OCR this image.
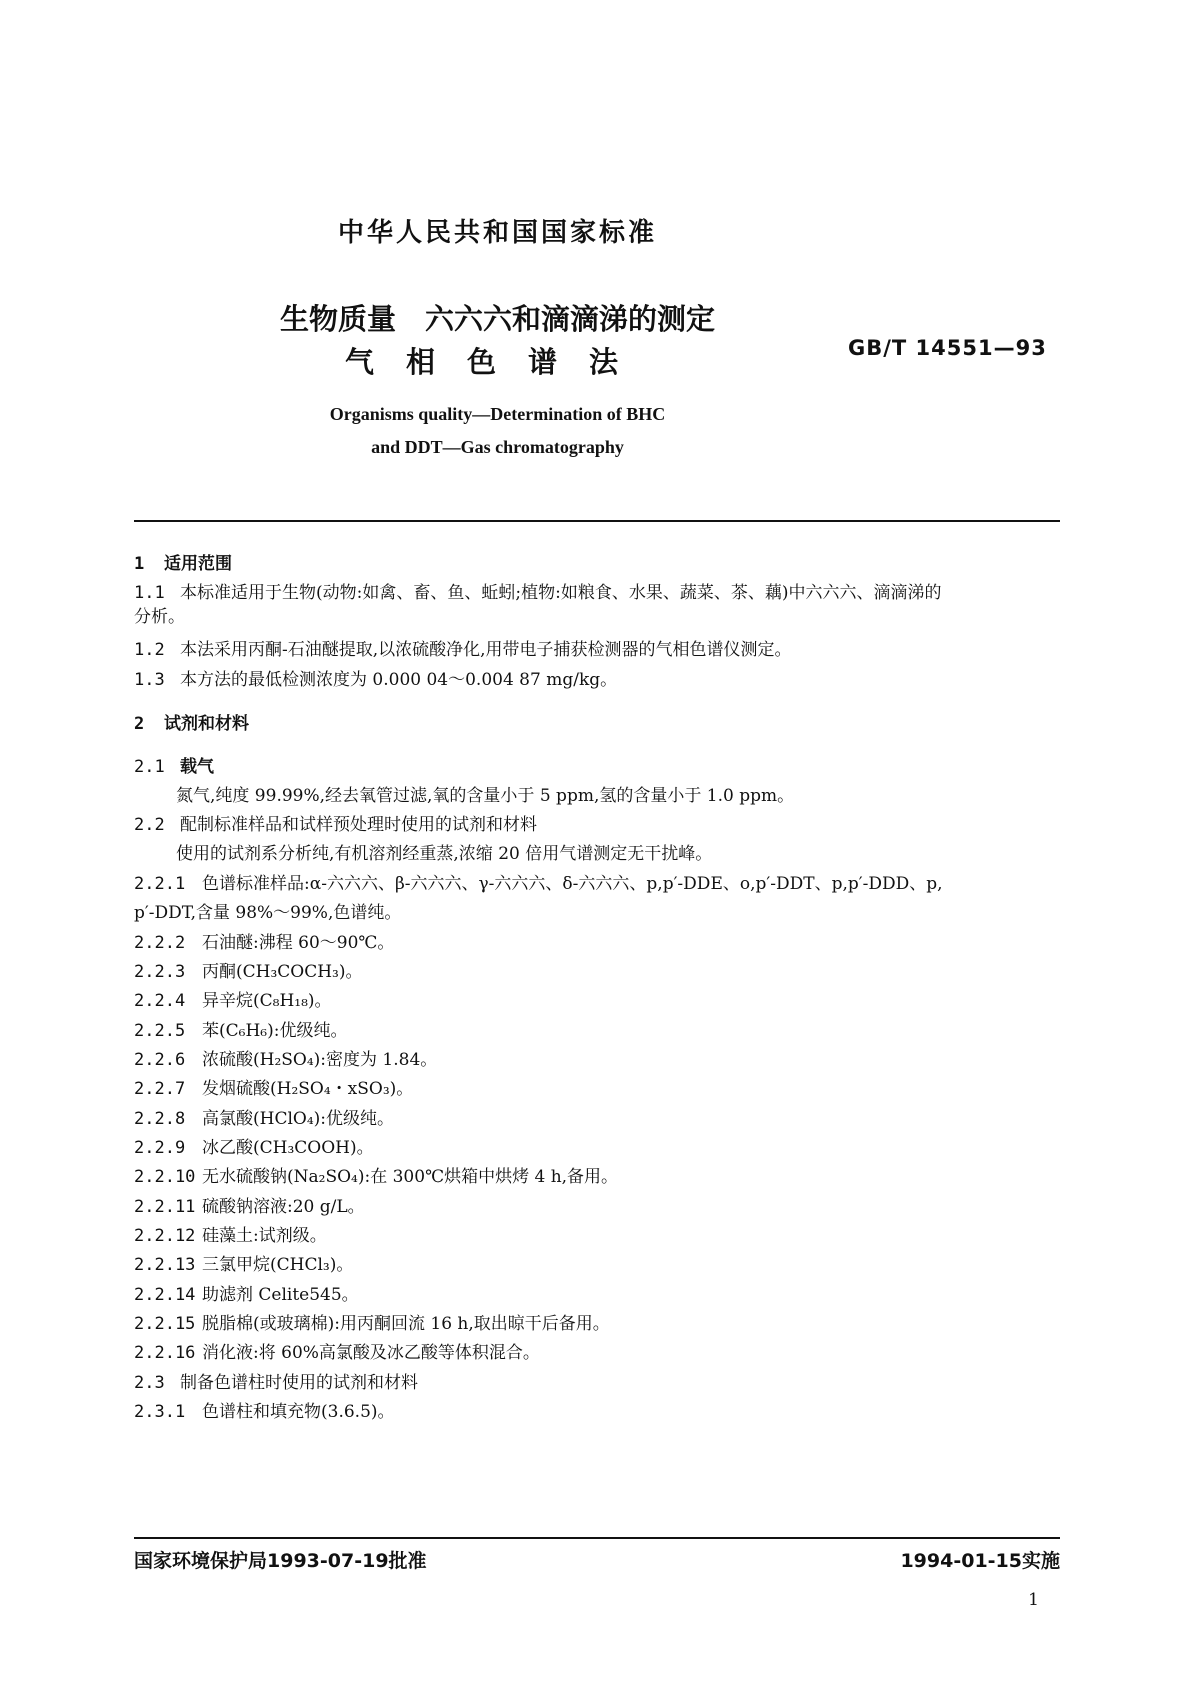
中华人民共和国国家标准
生物质量　六六六和滴滴涕的测定
气相色谱法	GB/T 14551—93
Organisms quality—Determination of BHC
and DDT—Gas chromatography
1 适用范围
1.1 本标准适用于生物(动物:如禽、畜、鱼、蚯蚓;植物:如粮食、水果、蔬菜、茶、藕)中六六六、滴滴涕的
分析。
1.2 本法采用丙酮-石油醚提取,以浓硫酸净化,用带电子捕获检测器的气相色谱仪测定。
1.3 本方法的最低检测浓度为 0.000 04～0.004 87 mg/kg。
2 试剂和材料
2.1 载气
氮气,纯度 99.99%,经去氧管过滤,氧的含量小于 5 ppm,氢的含量小于 1.0 ppm。
2.2 配制标准样品和试样预处理时使用的试剂和材料
使用的试剂系分析纯,有机溶剂经重蒸,浓缩 20 倍用气谱测定无干扰峰。
2.2.1 色谱标准样品:α-六六六、β-六六六、γ-六六六、δ-六六六、p,p′-DDE、o,p′-DDT、p,p′-DDD、p,
p′-DDT,含量 98%～99%,色谱纯。
2.2.2 石油醚:沸程 60～90℃。
2.2.3 丙酮(CH₃COCH₃)。
2.2.4 异辛烷(C₈H₁₈)。
2.2.5 苯(C₆H₆):优级纯。
2.2.6 浓硫酸(H₂SO₄):密度为 1.84。
2.2.7 发烟硫酸(H₂SO₄・xSO₃)。
2.2.8 高氯酸(HClO₄):优级纯。
2.2.9 冰乙酸(CH₃COOH)。
2.2.10 无水硫酸钠(Na₂SO₄):在 300℃烘箱中烘烤 4 h,备用。
2.2.11 硫酸钠溶液:20 g/L。
2.2.12 硅藻土:试剂级。
2.2.13 三氯甲烷(CHCl₃)。
2.2.14 助滤剂 Celite545。
2.2.15 脱脂棉(或玻璃棉):用丙酮回流 16 h,取出晾干后备用。
2.2.16 消化液:将 60%高氯酸及冰乙酸等体积混合。
2.3 制备色谱柱时使用的试剂和材料
2.3.1 色谱柱和填充物(3.6.5)。
国家环境保护局1993-07-19批准	1994-01-15实施
1
